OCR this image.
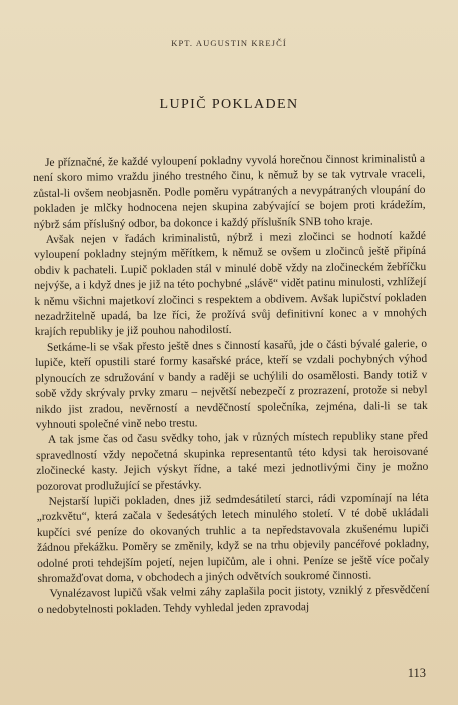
KPT. AUGUSTIN KREJČÍ
LUPIČ POKLADEN

Je příznačné, že každé vyloupení pokladny vyvolá horečnou činnost kriminalistů a není skoro mimo vraždu jiného trestného činu, k němuž by se tak vytrvale vraceli, zůstal-li ovšem neobjasněn. Podle poměru vypátraných a nevypátraných vloupání do pokladen je mlčky hodnocena nejen skupina zabývající se bojem proti krádežím, nýbrž sám příslušný odbor, ba dokonce i každý příslušník SNB toho kraje.

Avšak nejen v řadách kriminalistů, nýbrž i mezi zločinci se hodnotí každé vyloupení pokladny stejným měřítkem, k němuž se ovšem u zločinců ještě připíná obdiv k pachateli. Lupič pokladen stál v minulé době vždy na zločineckém žebříčku nejvýše, a i když dnes je již na této pochybné „slávě“ vidět patinu minulosti, vzhlížejí k němu všichni majetkoví zločinci s respektem a obdivem. Avšak lupičství pokladen nezadržitelně upadá, ba lze říci, že prožívá svůj definitivní konec a v mnohých krajích republiky je již pouhou nahodilostí.

Setkáme-li se však přesto ještě dnes s činností kasařů, jde o části bývalé galerie, o lupiče, kteří opustili staré formy kasařské práce, kteří se vzdali pochybných výhod plynoucích ze sdružování v bandy a raději se uchýlili do osamělosti. Bandy totiž v sobě vždy skrývaly prvky zmaru – největší nebezpečí z prozrazení, protože si nebyl nikdo jist zradou, nevěrností a nevděčností společníka, zejména, dali-li se tak vyhnouti společné vině nebo trestu.

A tak jsme čas od času svědky toho, jak v různých místech republiky stane před spravedlností vždy nepočetná skupinka representantů této kdysi tak heroisované zločinecké kasty. Jejich výskyt řídne, a také mezi jednotlivými činy je možno pozorovat prodlužující se přestávky.

Nejstarší lupiči pokladen, dnes již sedmdesátiletí starci, rádi vzpomínají na léta „rozkvětu“, která začala v šedesátých letech minulého století. V té době ukládali kupčíci své peníze do okovaných truhlic a ta nepředstavovala zkušenému lupiči žádnou překážku. Poměry se změnily, když se na trhu objevily pancéřové pokladny, odolné proti tehdejším pojetí, nejen lupičům, ale i ohni. Peníze se ještě více počaly shromažďovat doma, v obchodech a jiných odvětvích soukromé činnosti.

Vynalézavost lupičů však velmi záhy zaplašila pocit jistoty, vzniklý z přesvědčení o nedobytelnosti pokladen. Tehdy vyhledal jeden zpravodaj

113
